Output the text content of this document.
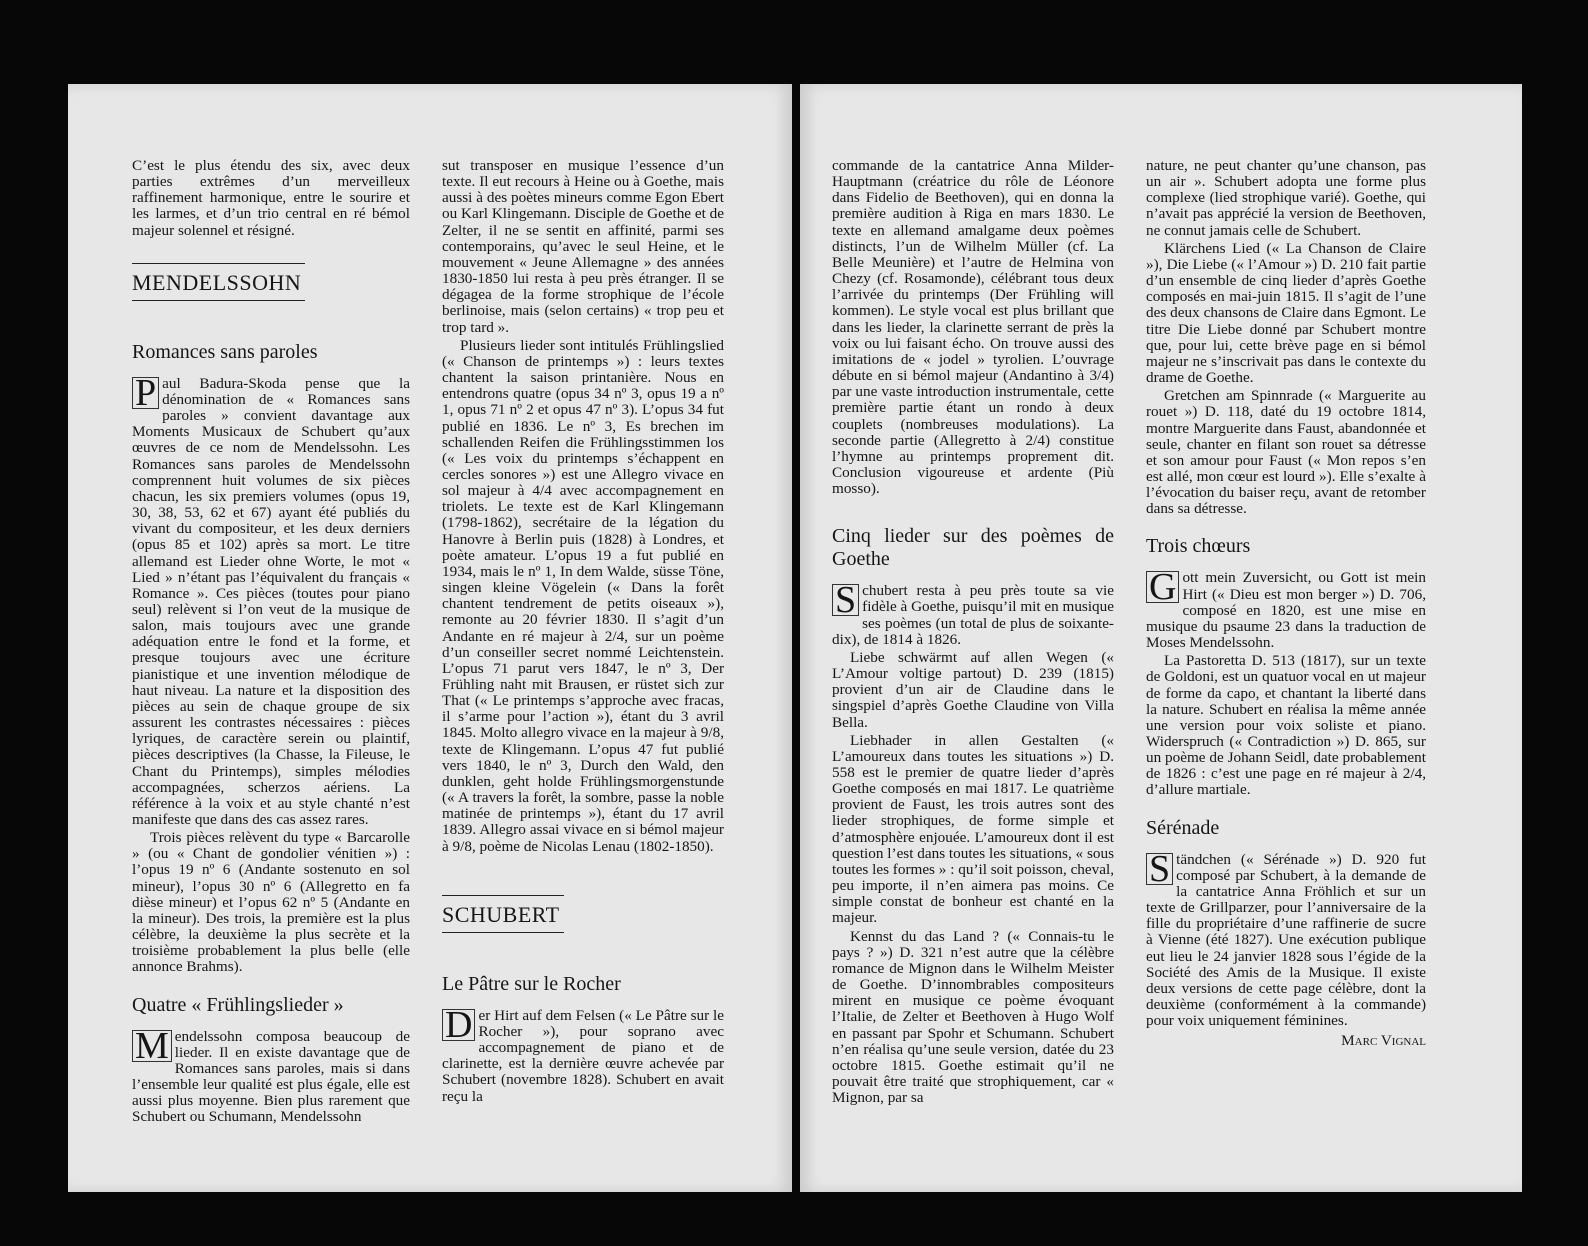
C’est le plus étendu des six, avec deux parties extrêmes d’un merveilleux raffinement harmonique, entre le sourire et les larmes, et d’un trio central en ré bémol majeur solennel et résigné.

MENDELSSOHN
Romances sans paroles

P aul Badura-Skoda pense que la dénomination de « Romances sans paroles » convient davantage aux Moments Musicaux de Schubert qu’aux œuvres de ce nom de Mendelssohn. Les Romances sans paroles de Mendelssohn comprennent huit volumes de six pièces chacun, les six premiers volumes (opus 19, 30, 38, 53, 62 et 67) ayant été publiés du vivant du compositeur, et les deux derniers (opus 85 et 102) après sa mort. Le titre allemand est Lieder ohne Worte, le mot « Lied » n’étant pas l’équivalent du français « Romance ». Ces pièces (toutes pour piano seul) relèvent si l’on veut de la musique de salon, mais toujours avec une grande adéquation entre le fond et la forme, et presque toujours avec une écriture pianistique et une invention mélodique de haut niveau. La nature et la disposition des pièces au sein de chaque groupe de six assurent les contrastes nécessaires : pièces lyriques, de caractère serein ou plaintif, pièces descriptives (la Chasse, la Fileuse, le Chant du Printemps), simples mélodies accompagnées, scherzos aériens. La référence à la voix et au style chanté n’est manifeste que dans des cas assez rares.

Trois pièces relèvent du type « Barcarolle » (ou « Chant de gondolier vénitien ») : l’opus 19 nº 6 (Andante sostenuto en sol mineur), l’opus 30 nº 6 (Allegretto en fa dièse mineur) et l’opus 62 nº 5 (Andante en la mineur). Des trois, la première est la plus célèbre, la deuxième la plus secrète et la troisième probablement la plus belle (elle annonce Brahms).

Quatre « Frühlingslieder »

M endelssohn composa beaucoup de lieder. Il en existe davantage que de Romances sans paroles, mais si dans l’ensemble leur qualité est plus égale, elle est aussi plus moyenne. Bien plus rarement que Schubert ou Schumann, Mendelssohn

sut transposer en musique l’essence d’un texte. Il eut recours à Heine ou à Goethe, mais aussi à des poètes mineurs comme Egon Ebert ou Karl Klingemann. Disciple de Goethe et de Zelter, il ne se sentit en affinité, parmi ses contemporains, qu’avec le seul Heine, et le mouvement « Jeune Allemagne » des années 1830-1850 lui resta à peu près étranger. Il se dégagea de la forme strophique de l’école berlinoise, mais (selon certains) « trop peu et trop tard ».

Plusieurs lieder sont intitulés Frühlingslied (« Chanson de printemps ») : leurs textes chantent la saison printanière. Nous en entendrons quatre (opus 34 nº 3, opus 19 a nº 1, opus 71 nº 2 et opus 47 nº 3). L’opus 34 fut publié en 1836. Le nº 3, Es brechen im schallenden Reifen die Frühlingsstimmen los (« Les voix du printemps s’échappent en cercles sonores ») est une Allegro vivace en sol majeur à 4/4 avec accompagnement en triolets. Le texte est de Karl Klingemann (1798-1862), secrétaire de la légation du Hanovre à Berlin puis (1828) à Londres, et poète amateur. L’opus 19 a fut publié en 1934, mais le nº 1, In dem Walde, süsse Töne, singen kleine Vögelein (« Dans la forêt chantent tendrement de petits oiseaux »), remonte au 20 février 1830. Il s’agit d’un Andante en ré majeur à 2/4, sur un poème d’un conseiller secret nommé Leichtenstein. L’opus 71 parut vers 1847, le nº 3, Der Frühling naht mit Brausen, er rüstet sich zur That (« Le printemps s’approche avec fracas, il s’arme pour l’action »), étant du 3 avril 1845. Molto allegro vivace en la majeur à 9/8, texte de Klingemann. L’opus 47 fut publié vers 1840, le nº 3, Durch den Wald, den dunklen, geht holde Frühlingsmorgenstunde (« A travers la forêt, la sombre, passe la noble matinée de printemps »), étant du 17 avril 1839. Allegro assai vivace en si bémol majeur à 9/8, poème de Nicolas Lenau (1802-1850).

SCHUBERT
Le Pâtre sur le Rocher

D er Hirt auf dem Felsen (« Le Pâtre sur le Rocher »), pour soprano avec accompagnement de piano et de clarinette, est la dernière œuvre achevée par Schubert (novembre 1828). Schubert en avait reçu la

commande de la cantatrice Anna Milder-Hauptmann (créatrice du rôle de Léonore dans Fidelio de Beethoven), qui en donna la première audition à Riga en mars 1830. Le texte en allemand amalgame deux poèmes distincts, l’un de Wilhelm Müller (cf. La Belle Meunière) et l’autre de Helmina von Chezy (cf. Rosamonde), célébrant tous deux l’arrivée du printemps (Der Frühling will kommen). Le style vocal est plus brillant que dans les lieder, la clarinette serrant de près la voix ou lui faisant écho. On trouve aussi des imitations de « jodel » tyrolien. L’ouvrage débute en si bémol majeur (Andantino à 3/4) par une vaste introduction instrumentale, cette première partie étant un rondo à deux couplets (nombreuses modulations). La seconde partie (Allegretto à 2/4) constitue l’hymne au printemps proprement dit. Conclusion vigoureuse et ardente (Più mosso).

Cinq lieder sur des poèmes de Goethe

S chubert resta à peu près toute sa vie fidèle à Goethe, puisqu’il mit en musique ses poèmes (un total de plus de soixante-dix), de 1814 à 1826.

Liebe schwärmt auf allen Wegen (« L’Amour voltige partout) D. 239 (1815) provient d’un air de Claudine dans le singspiel d’après Goethe Claudine von Villa Bella.

Liebhader in allen Gestalten (« L’amoureux dans toutes les situations ») D. 558 est le premier de quatre lieder d’après Goethe composés en mai 1817. Le quatrième provient de Faust, les trois autres sont des lieder strophiques, de forme simple et d’atmosphère enjouée. L’amoureux dont il est question l’est dans toutes les situations, « sous toutes les formes » : qu’il soit poisson, cheval, peu importe, il n’en aimera pas moins. Ce simple constat de bonheur est chanté en la majeur.

Kennst du das Land ? (« Connais-tu le pays ? ») D. 321 n’est autre que la célèbre romance de Mignon dans le Wilhelm Meister de Goethe. D’innombrables compositeurs mirent en musique ce poème évoquant l’Italie, de Zelter et Beethoven à Hugo Wolf en passant par Spohr et Schumann. Schubert n’en réalisa qu’une seule version, datée du 23 octobre 1815. Goethe estimait qu’il ne pouvait être traité que strophiquement, car « Mignon, par sa

nature, ne peut chanter qu’une chanson, pas un air ». Schubert adopta une forme plus complexe (lied strophique varié). Goethe, qui n’avait pas apprécié la version de Beethoven, ne connut jamais celle de Schubert.

Klärchens Lied (« La Chanson de Claire »), Die Liebe (« l’Amour ») D. 210 fait partie d’un ensemble de cinq lieder d’après Goethe composés en mai-juin 1815. Il s’agit de l’une des deux chansons de Claire dans Egmont. Le titre Die Liebe donné par Schubert montre que, pour lui, cette brève page en si bémol majeur ne s’inscrivait pas dans le contexte du drame de Goethe.

Gretchen am Spinnrade (« Marguerite au rouet ») D. 118, daté du 19 octobre 1814, montre Marguerite dans Faust, abandonnée et seule, chanter en filant son rouet sa détresse et son amour pour Faust (« Mon repos s’en est allé, mon cœur est lourd »). Elle s’exalte à l’évocation du baiser reçu, avant de retomber dans sa détresse.

Trois chœurs

G ott mein Zuversicht, ou Gott ist mein Hirt (« Dieu est mon berger ») D. 706, composé en 1820, est une mise en musique du psaume 23 dans la traduction de Moses Mendelssohn.

La Pastoretta D. 513 (1817), sur un texte de Goldoni, est un quatuor vocal en ut majeur de forme da capo, et chantant la liberté dans la nature. Schubert en réalisa la même année une version pour voix soliste et piano. Widerspruch (« Contradiction ») D. 865, sur un poème de Johann Seidl, date probablement de 1826 : c’est une page en ré majeur à 2/4, d’allure martiale.

Sérénade

S tändchen (« Sérénade ») D. 920 fut composé par Schubert, à la demande de la cantatrice Anna Fröhlich et sur un texte de Grillparzer, pour l’anniversaire de la fille du propriétaire d’une raffinerie de sucre à Vienne (été 1827). Une exécution publique eut lieu le 24 janvier 1828 sous l’égide de la Société des Amis de la Musique. Il existe deux versions de cette page célèbre, dont la deuxième (conformément à la commande) pour voix uniquement féminines.

Marc Vignal
